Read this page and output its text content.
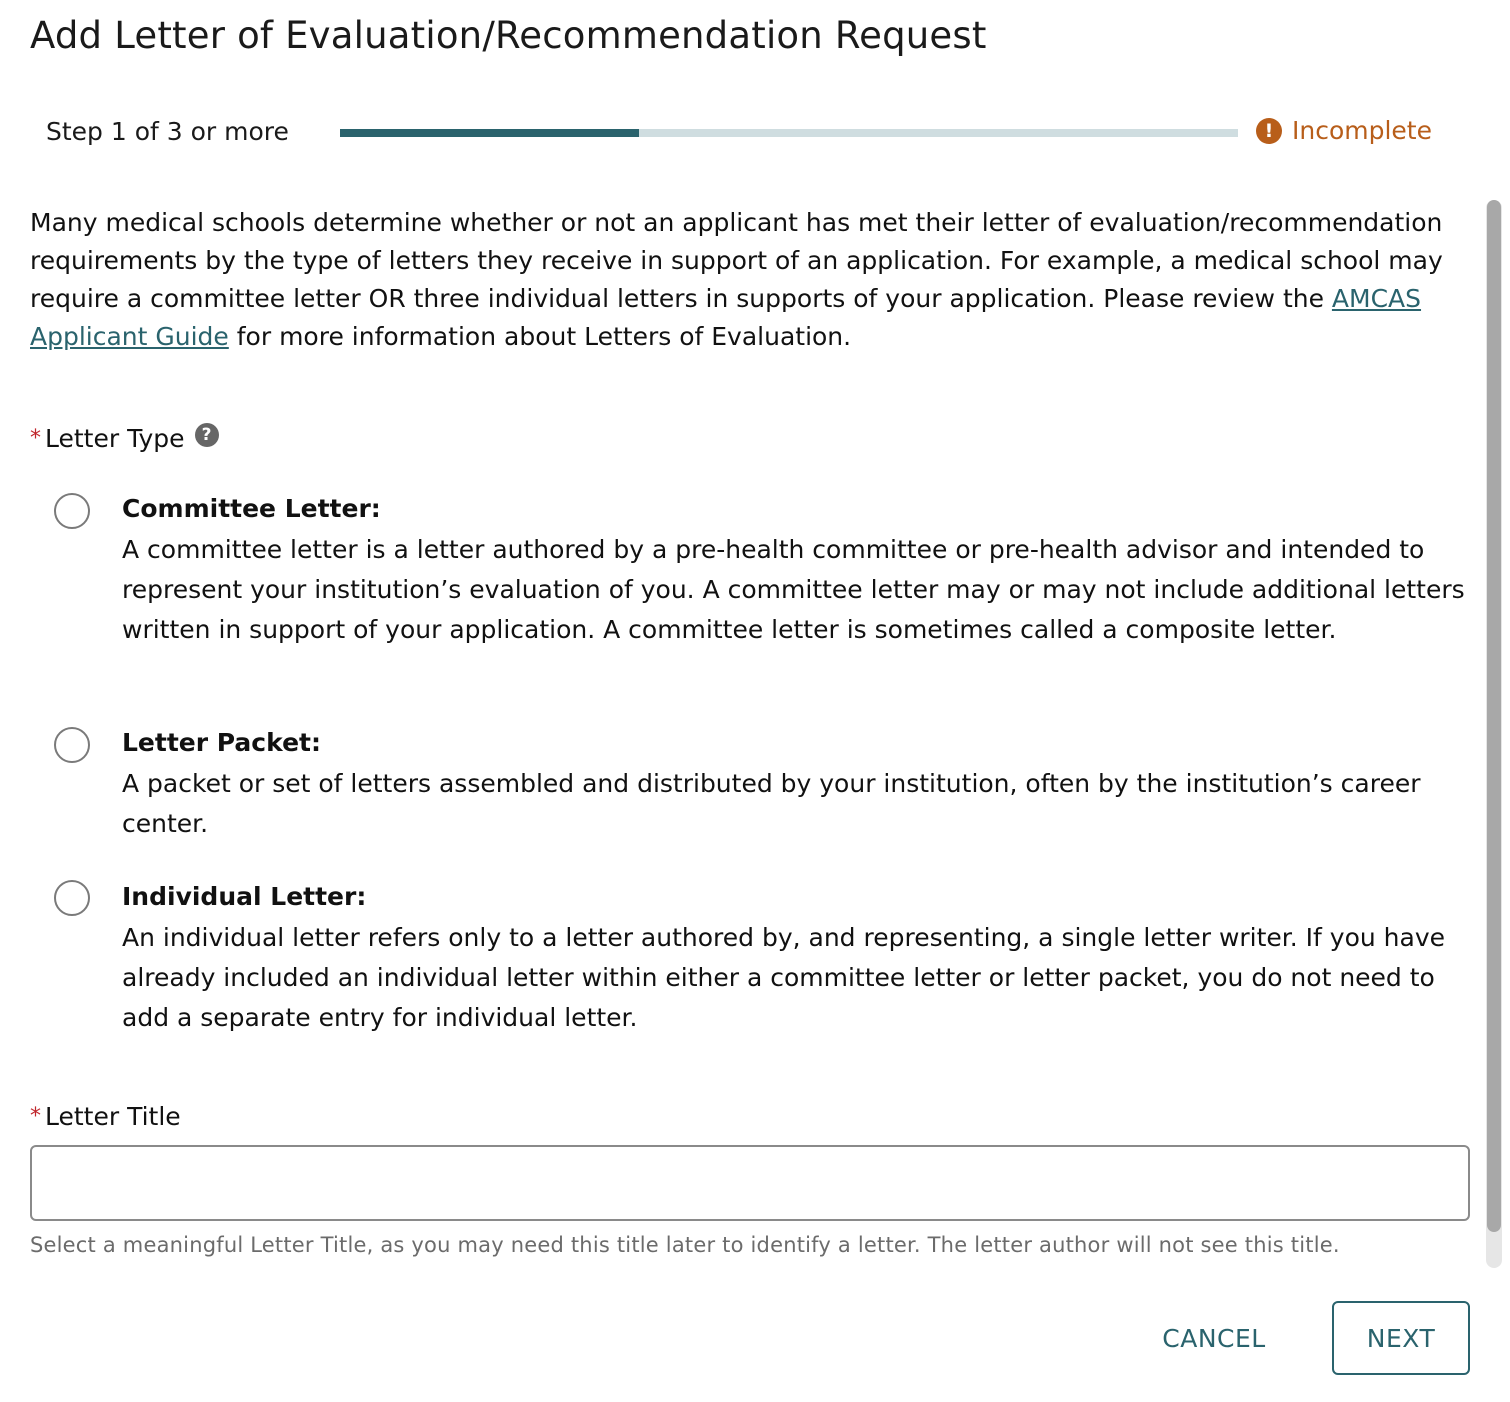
Add Letter of Evaluation/Recommendation Request
Step 1 of 3 or more	! Incomplete
Many medical schools determine whether or not an applicant has met their letter of evaluation/recommendation requirements by the type of letters they receive in support of an application. For example, a medical school may require a committee letter OR three individual letters in supports of your application. Please review the AMCAS Applicant Guide for more information about Letters of Evaluation.
* Letter Type	?
Committee Letter:
A committee letter is a letter authored by a pre-health committee or pre-health advisor and intended to represent your institution’s evaluation of you. A committee letter may or may not include additional letters written in support of your application. A committee letter is sometimes called a composite letter.
Letter Packet:
A packet or set of letters assembled and distributed by your institution, often by the institution’s career center.
Individual Letter:
An individual letter refers only to a letter authored by, and representing, a single letter writer. If you have already included an individual letter within either a committee letter or letter packet, you do not need to add a separate entry for individual letter.
* Letter Title
Select a meaningful Letter Title, as you may need this title later to identify a letter. The letter author will not see this title.
CANCEL	NEXT
